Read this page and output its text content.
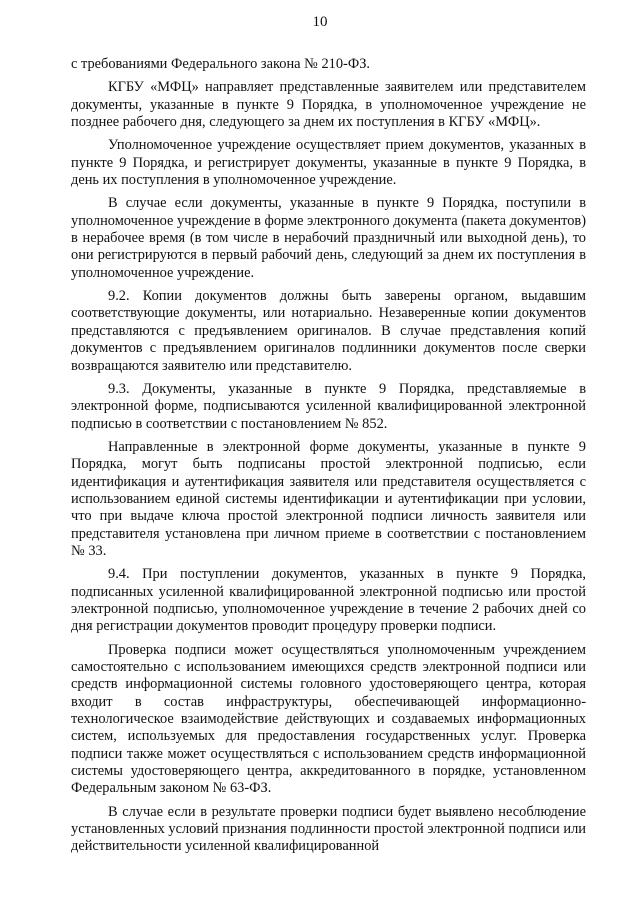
10

с требованиями Федерального закона № 210-ФЗ.

КГБУ «МФЦ» направляет представленные заявителем или представителем документы, указанные в пункте 9 Порядка, в уполномоченное учреждение не позднее рабочего дня, следующего за днем их поступления в КГБУ «МФЦ».

Уполномоченное учреждение осуществляет прием документов, указанных в пункте 9 Порядка, и регистрирует документы, указанные в пункте 9 Порядка, в день их поступления в уполномоченное учреждение.

В случае если документы, указанные в пункте 9 Порядка, поступили в уполномоченное учреждение в форме электронного документа (пакета документов) в нерабочее время (в том числе в нерабочий праздничный или выходной день), то они регистрируются в первый рабочий день, следующий за днем их поступления в уполномоченное учреждение.

9.2. Копии документов должны быть заверены органом, выдавшим соответствующие документы, или нотариально. Незаверенные копии документов представляются с предъявлением оригиналов. В случае представления копий документов с предъявлением оригиналов подлинники документов после сверки возвращаются заявителю или представителю.

9.3. Документы, указанные в пункте 9 Порядка, представляемые в электронной форме, подписываются усиленной квалифицированной электронной подписью в соответствии с постановлением № 852.

Направленные в электронной форме документы, указанные в пункте 9 Порядка, могут быть подписаны простой электронной подписью, если идентификация и аутентификация заявителя или представителя осуществляется с использованием единой системы идентификации и аутентификации при условии, что при выдаче ключа простой электронной подписи личность заявителя или представителя установлена при личном приеме в соответствии с постановлением № 33.

9.4. При поступлении документов, указанных в пункте 9 Порядка, подписанных усиленной квалифицированной электронной подписью или простой электронной подписью, уполномоченное учреждение в течение 2 рабочих дней со дня регистрации документов проводит процедуру проверки подписи.

Проверка подписи может осуществляться уполномоченным учреждением самостоятельно с использованием имеющихся средств электронной подписи или средств информационной системы головного удостоверяющего центра, которая входит в состав инфраструктуры, обеспечивающей информационно-технологическое взаимодействие действующих и создаваемых информационных систем, используемых для предоставления государственных услуг. Проверка подписи также может осуществляться с использованием средств информационной системы удостоверяющего центра, аккредитованного в порядке, установленном Федеральным законом № 63-ФЗ.

В случае если в результате проверки подписи будет выявлено несоблюдение установленных условий признания подлинности простой электронной подписи или действительности усиленной квалифицированной
